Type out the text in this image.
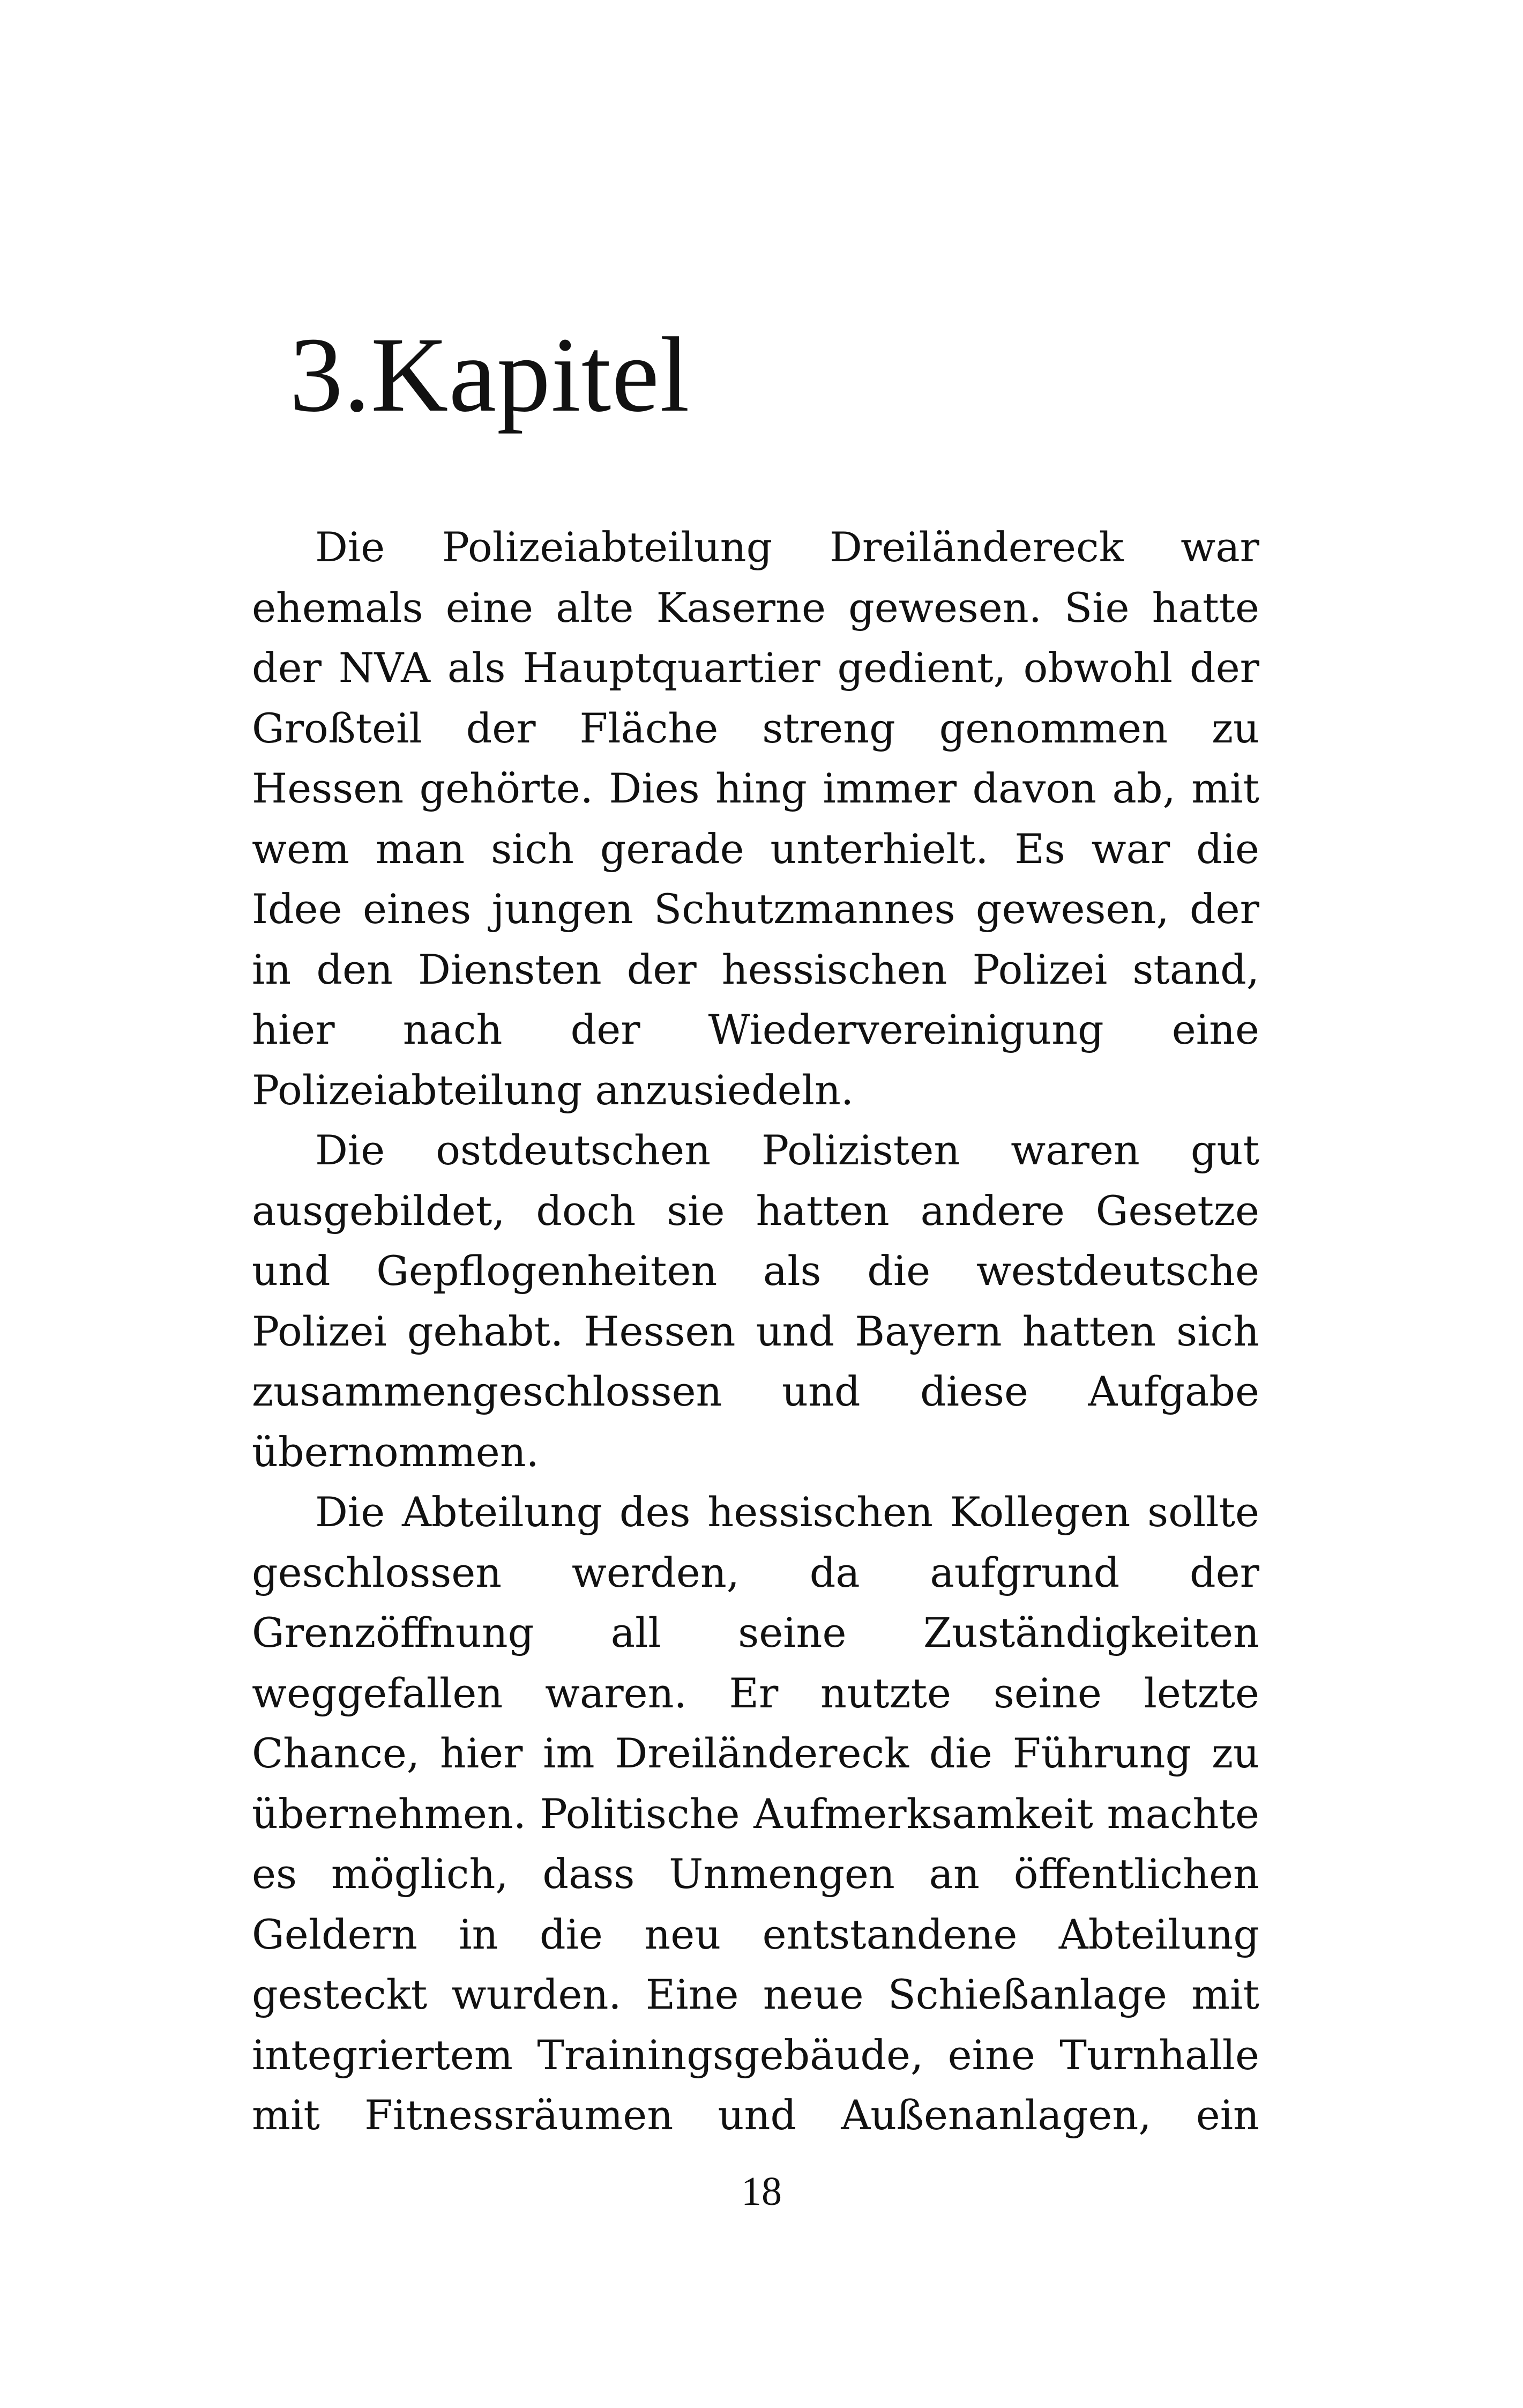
3.Kapitel

Die Polizeiabteilung Dreiländereck war ehemals eine alte Kaserne gewesen. Sie hatte der NVA als Hauptquartier gedient, obwohl der Großteil der Fläche streng genommen zu Hessen gehörte. Dies hing immer davon ab, mit wem man sich gerade unterhielt. Es war die Idee eines jungen Schutzmannes gewesen, der in den Diensten der hessischen Polizei stand, hier nach der Wiedervereinigung eine Polizeiabteilung anzusiedeln.

Die ostdeutschen Polizisten waren gut ausgebildet, doch sie hatten andere Gesetze und Gepflogenheiten als die westdeutsche Polizei gehabt. Hessen und Bayern hatten sich zusammengeschlossen und diese Aufgabe übernommen.

Die Abteilung des hessischen Kollegen sollte geschlossen werden, da aufgrund der Grenzöffnung all seine Zuständigkeiten weggefallen waren. Er nutzte seine letzte Chance, hier im Dreiländereck die Führung zu übernehmen. Politische Aufmerksamkeit machte es möglich, dass Unmengen an öffentlichen Geldern in die neu entstandene Abteilung gesteckt wurden. Eine neue Schießanlage mit integriertem Trainingsgebäude, eine Turnhalle mit Fitnessräumen und Außenanlagen, ein

18
